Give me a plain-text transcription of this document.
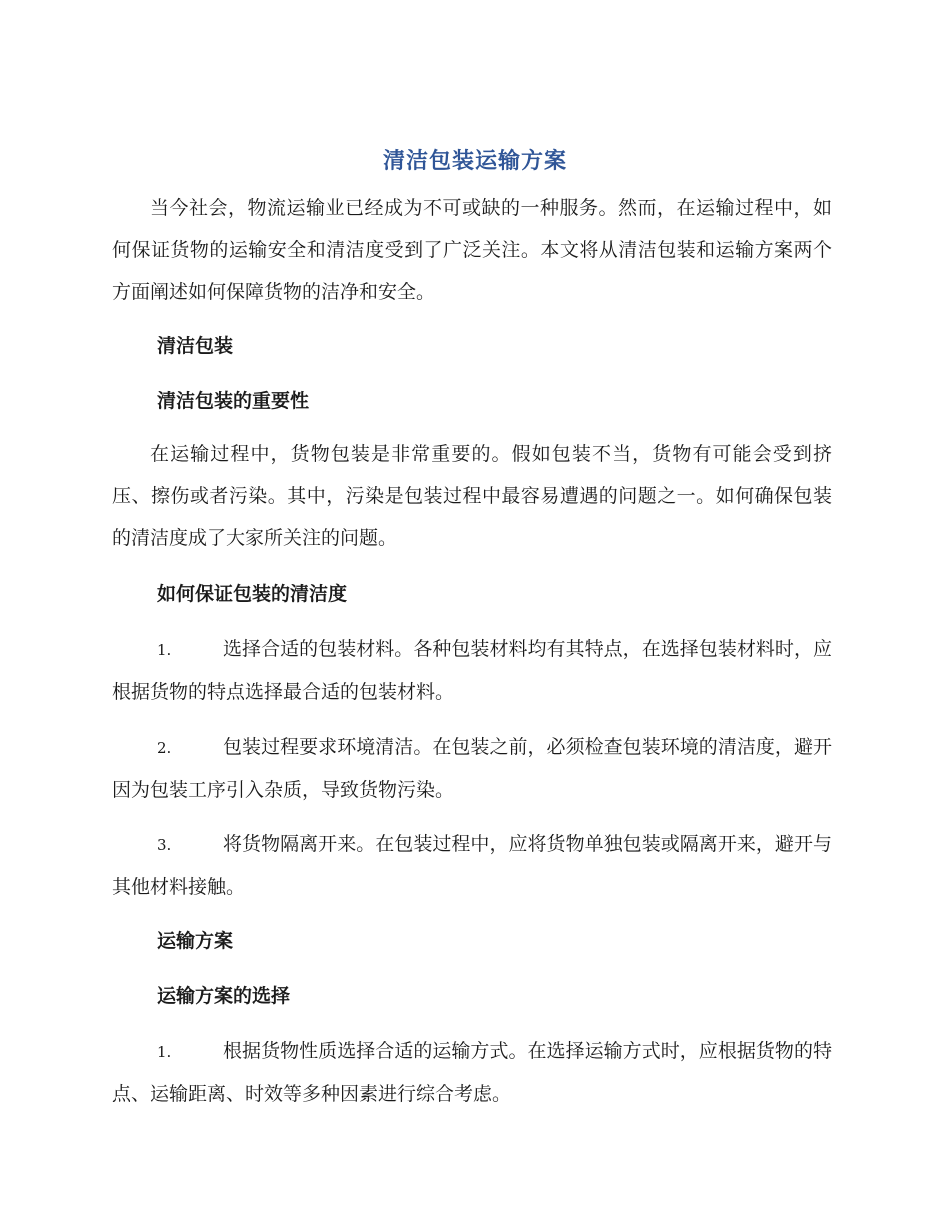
清洁包装运输方案

当今社会，物流运输业已经成为不可或缺的一种服务。然而，在运输过程中，如何保证货物的运输安全和清洁度受到了广泛关注。本文将从清洁包装和运输方案两个方面阐述如何保障货物的洁净和安全。

清洁包装
清洁包装的重要性

在运输过程中，货物包装是非常重要的。假如包装不当，货物有可能会受到挤压、擦伤或者污染。其中，污染是包装过程中最容易遭遇的问题之一。如何确保包装的清洁度成了大家所关注的问题。

如何保证包装的清洁度

1.	选择合适的包装材料。各种包装材料均有其特点，在选择包装材料时，应根据货物的特点选择最合适的包装材料。

2.	包装过程要求环境清洁。在包装之前，必须检查包装环境的清洁度，避开因为包装工序引入杂质，导致货物污染。

3.	将货物隔离开来。在包装过程中，应将货物单独包装或隔离开来，避开与其他材料接触。

运输方案
运输方案的选择

1.	根据货物性质选择合适的运输方式。在选择运输方式时，应根据货物的特点、运输距离、时效等多种因素进行综合考虑。
